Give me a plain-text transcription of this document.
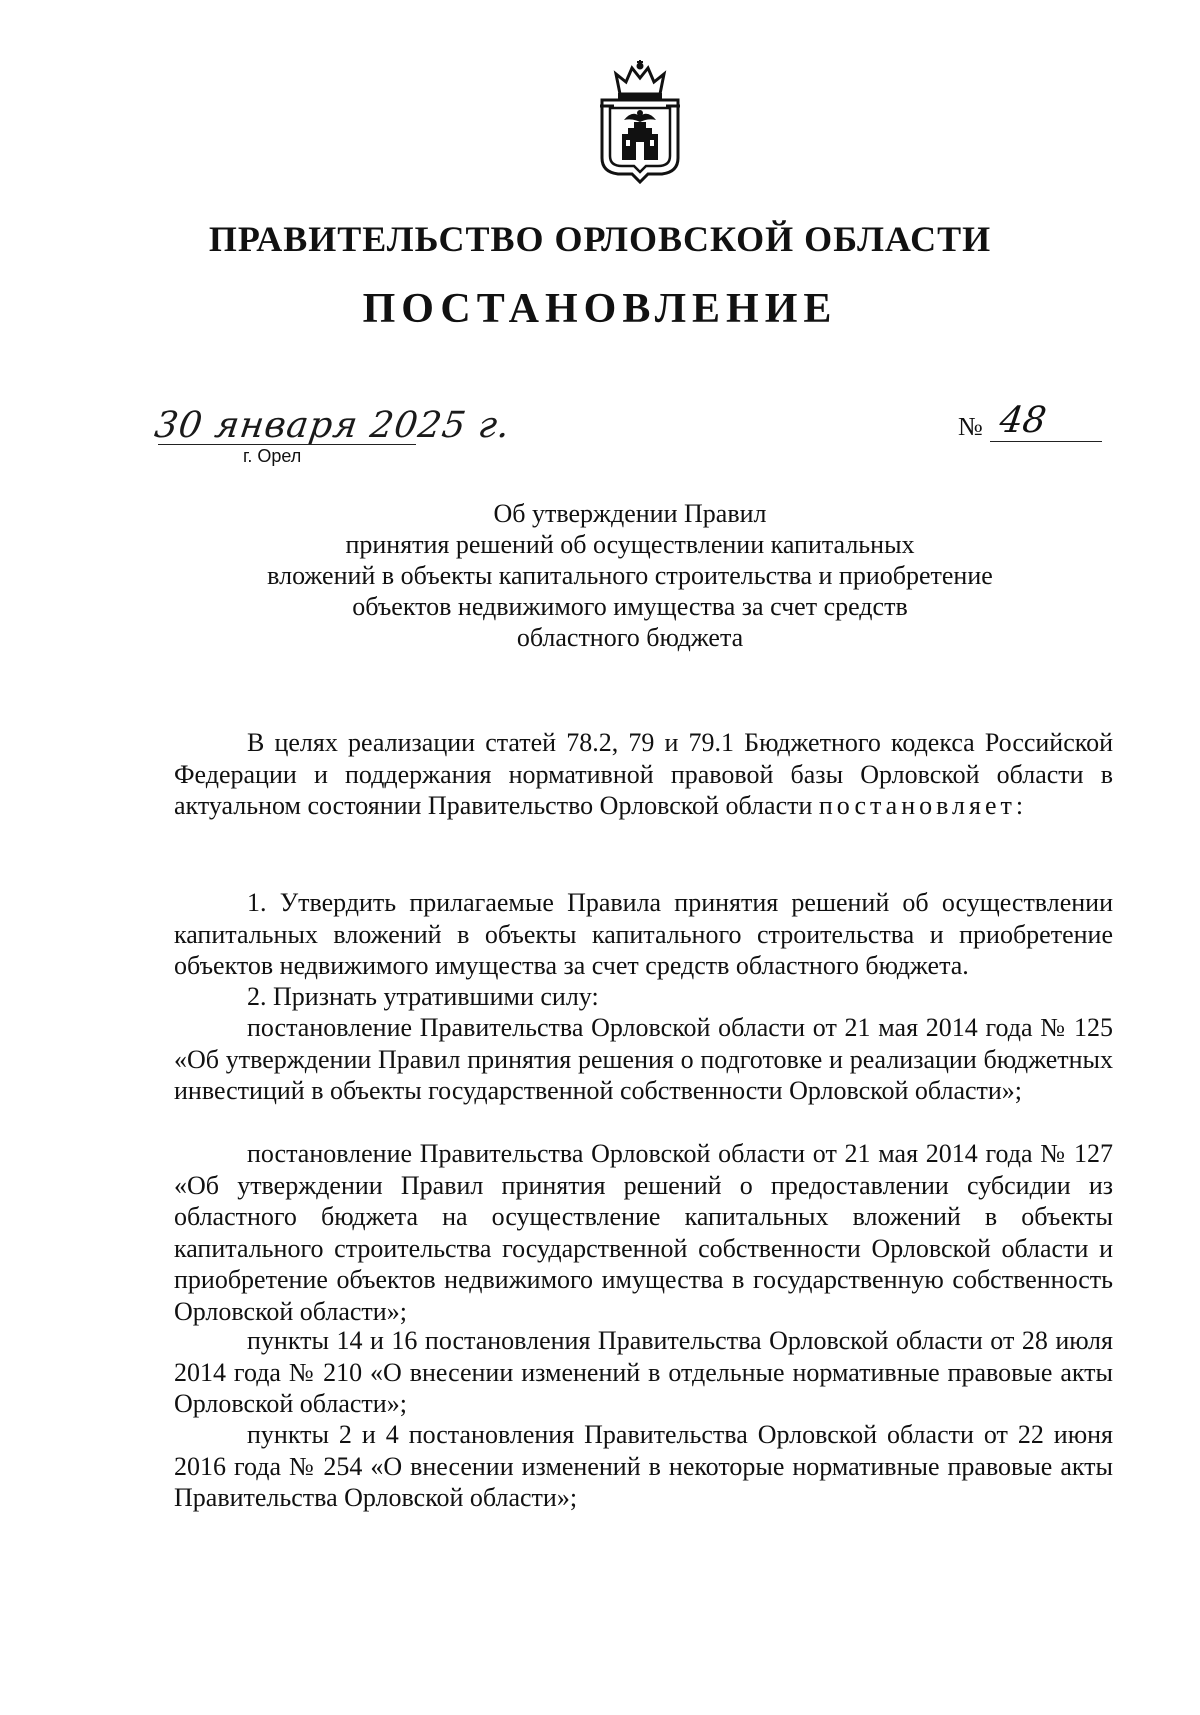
ПРАВИТЕЛЬСТВО ОРЛОВСКОЙ ОБЛАСТИ
ПОСТАНОВЛЕНИЕ
30 января 2025 г.
г. Орел
№ 48
Об утверждении Правил
принятия решений об осуществлении капитальных
вложений в объекты капитального строительства и приобретение
объектов недвижимого имущества за счет средств
областного бюджета
В целях реализации статей 78.2, 79 и 79.1 Бюджетного кодекса Российской Федерации и поддержания нормативной правовой базы Орловской области в актуальном состоянии Правительство Орловской области постановляет:
1. Утвердить прилагаемые Правила принятия решений об осуществлении капитальных вложений в объекты капитального строительства и приобретение объектов недвижимого имущества за счет средств областного бюджета.
2. Признать утратившими силу:
постановление Правительства Орловской области от 21 мая 2014 года № 125 «Об утверждении Правил принятия решения о подготовке и реализации бюджетных инвестиций в объекты государственной собственности Орловской области»;
постановление Правительства Орловской области от 21 мая 2014 года № 127 «Об утверждении Правил принятия решений о предоставлении субсидии из областного бюджета на осуществление капитальных вложений в объекты капитального строительства государственной собственности Орловской области и приобретение объектов недвижимого имущества в государственную собственность Орловской области»;
пункты 14 и 16 постановления Правительства Орловской области от 28 июля 2014 года № 210 «О внесении изменений в отдельные нормативные правовые акты Орловской области»;
пункты 2 и 4 постановления Правительства Орловской области от 22 июня 2016 года № 254 «О внесении изменений в некоторые нормативные правовые акты Правительства Орловской области»;
